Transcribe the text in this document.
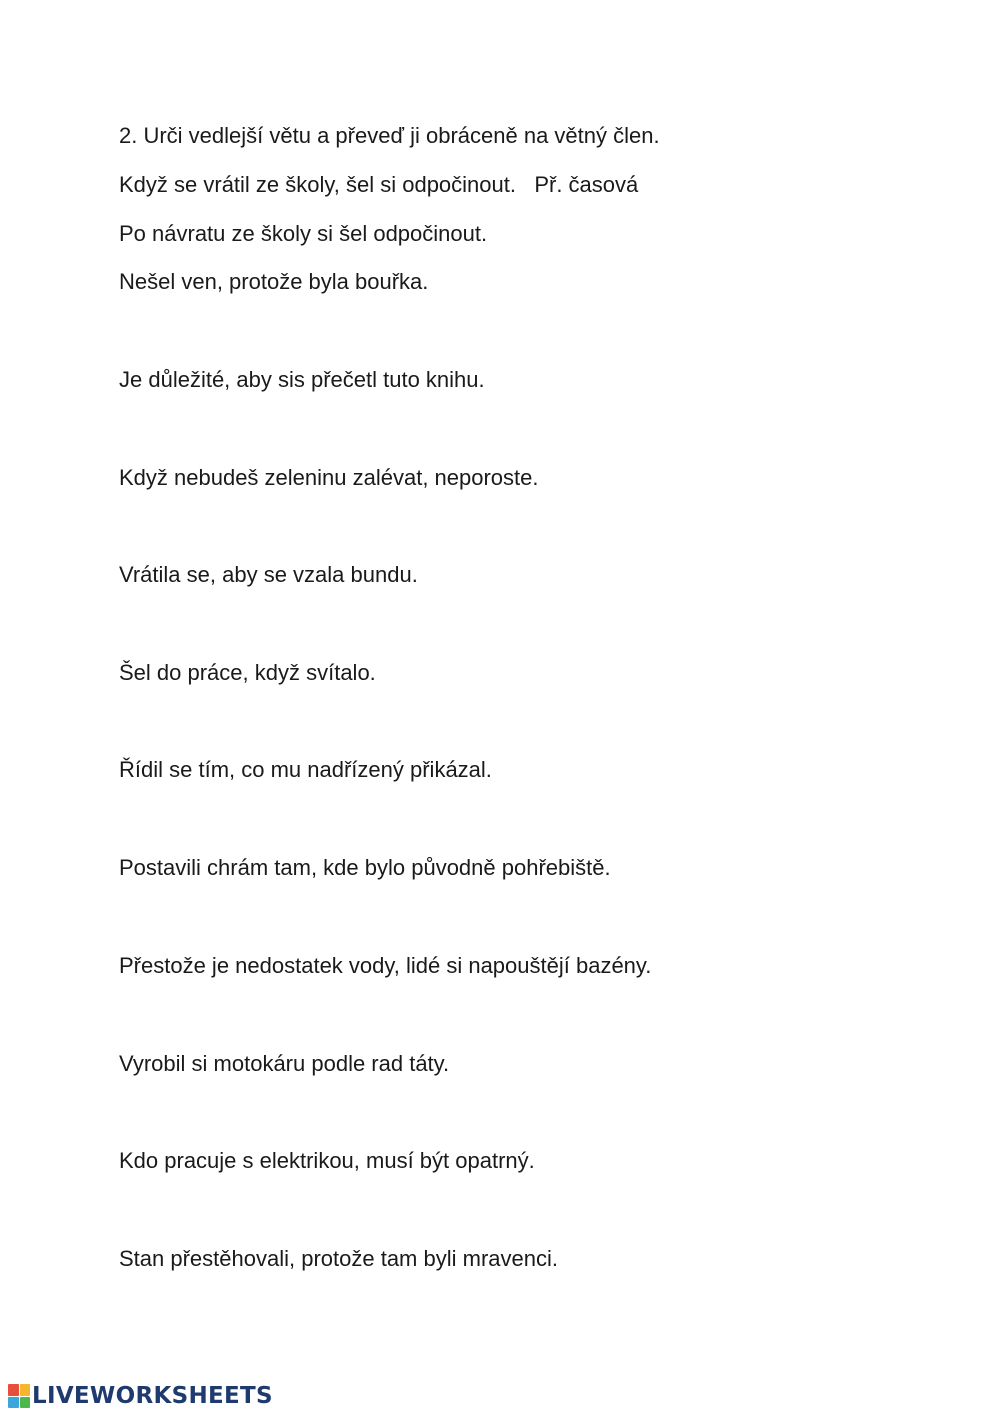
2. Urči vedlejší větu a převeď ji obráceně na větný člen.

Když se vrátil ze školy, šel si odpočinout.   Př. časová

Po návratu ze školy si šel odpočinout.

Nešel ven, protože byla bouřka.

Je důležité, aby sis přečetl tuto knihu.

Když nebudeš zeleninu zalévat, neporoste.

Vrátila se, aby se vzala bundu.

Šel do práce, když svítalo.

Řídil se tím, co mu nadřízený přikázal.

Postavili chrám tam, kde bylo původně pohřebiště.

Přestože je nedostatek vody, lidé si napouštějí bazény.

Vyrobil si motokáru podle rad táty.

Kdo pracuje s elektrikou, musí být opatrný.

Stan přestěhovali, protože tam byli mravenci.

LIVEWORKSHEETS
